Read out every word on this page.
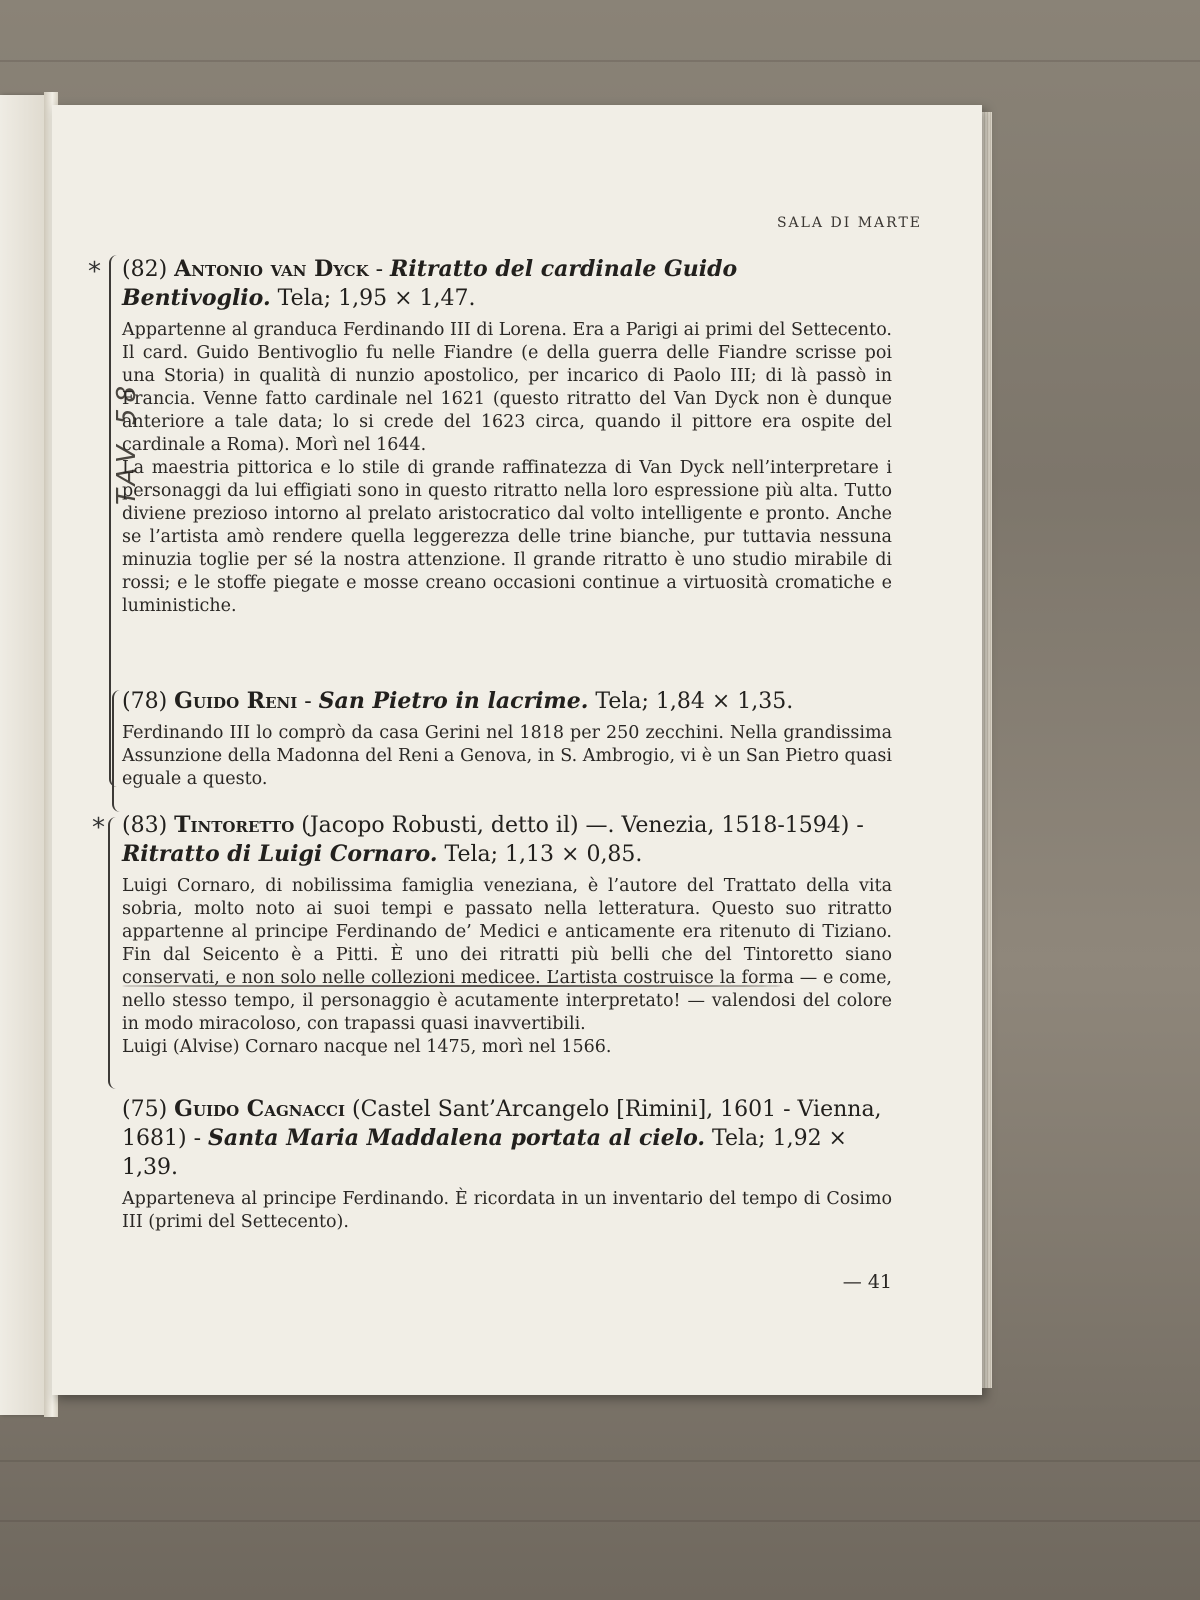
SALA DI MARTE
TAV 58
*
*
(82) Antonio van Dyck - Ritratto del cardinale Guido Bentivoglio. Tela; 1,95 × 1,47.

Appartenne al granduca Ferdinando III di Lorena. Era a Parigi ai primi del Settecento. Il card. Guido Bentivoglio fu nelle Fiandre (e della guerra delle Fiandre scrisse poi una Storia) in qualità di nunzio apostolico, per incarico di Paolo III; di là passò in Francia. Venne fatto cardinale nel 1621 (questo ritratto del Van Dyck non è dunque anteriore a tale data; lo si crede del 1623 circa, quando il pittore era ospite del cardinale a Roma). Morì nel 1644.

La maestria pittorica e lo stile di grande raffinatezza di Van Dyck nell’interpretare i personaggi da lui effigiati sono in questo ritratto nella loro espressione più alta. Tutto diviene prezioso intorno al prelato aristocratico dal volto intelligente e pronto. Anche se l’artista amò rendere quella leggerezza delle trine bianche, pur tuttavia nessuna minuzia toglie per sé la nostra attenzione. Il grande ritratto è uno studio mirabile di rossi; e le stoffe piegate e mosse creano occasioni continue a virtuosità cromatiche e luministiche.

(78) Guido Reni - San Pietro in lacrime. Tela; 1,84 × 1,35.

Ferdinando III lo comprò da casa Gerini nel 1818 per 250 zecchini. Nella grandissima Assunzione della Madonna del Reni a Genova, in S. Ambrogio, vi è un San Pietro quasi eguale a questo.

(83) Tintoretto (Jacopo Robusti, detto il) —. Venezia, 1518-1594) - Ritratto di Luigi Cornaro. Tela; 1,13 × 0,85.

Luigi Cornaro, di nobilissima famiglia veneziana, è l’autore del Trattato della vita sobria, molto noto ai suoi tempi e passato nella letteratura. Questo suo ritratto appartenne al principe Ferdinando de’ Medici e anticamente era ritenuto di Tiziano. Fin dal Seicento è a Pitti. È uno dei ritratti più belli che del Tintoretto siano conservati, e non solo nelle collezioni medicee. L’artista costruisce la forma — e come, nello stesso tempo, il personaggio è acutamente interpretato! — valendosi del colore in modo miracoloso, con trapassi quasi inavvertibili.

Luigi (Alvise) Cornaro nacque nel 1475, morì nel 1566.

(75) Guido Cagnacci (Castel Sant’Arcangelo [Rimini], 1601 - Vienna, 1681) - Santa Maria Maddalena portata al cielo. Tela; 1,92 × 1,39.

Apparteneva al principe Ferdinando. È ricordata in un inventario del tempo di Cosimo III (primi del Settecento).

— 41
